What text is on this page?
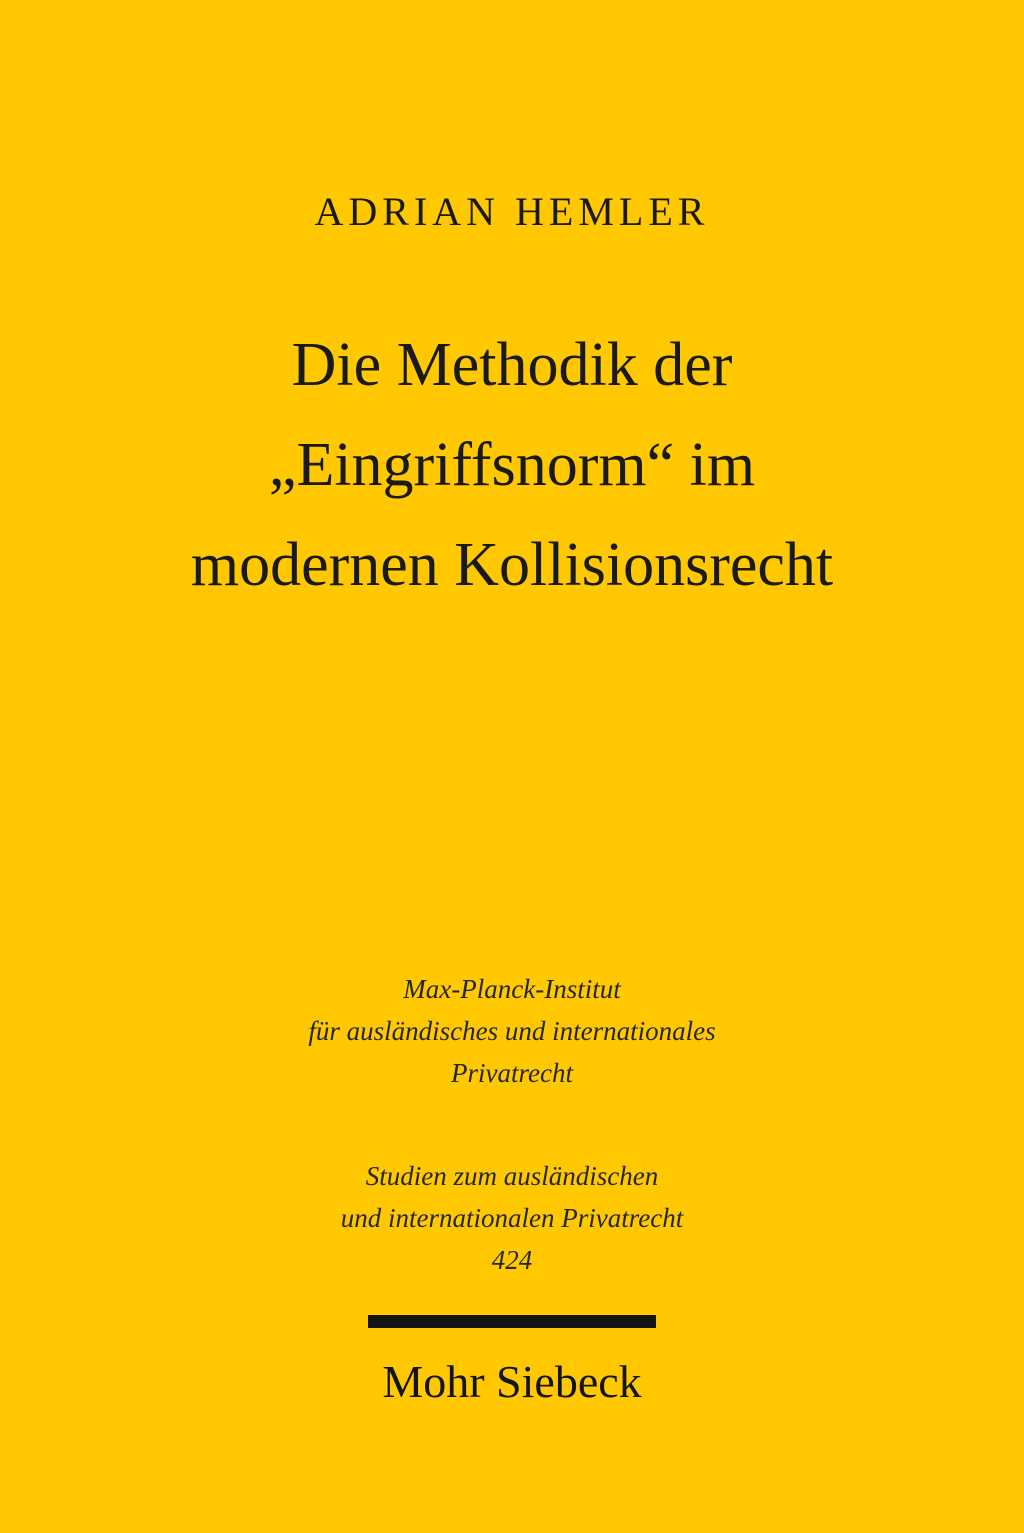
ADRIAN HEMLER
Die Methodik der
„Eingriffsnorm“ im
modernen Kollisionsrecht
Max-Planck-Institut
für ausländisches und internationales
Privatrecht
Studien zum ausländischen
und internationalen Privatrecht
424
Mohr Siebeck
